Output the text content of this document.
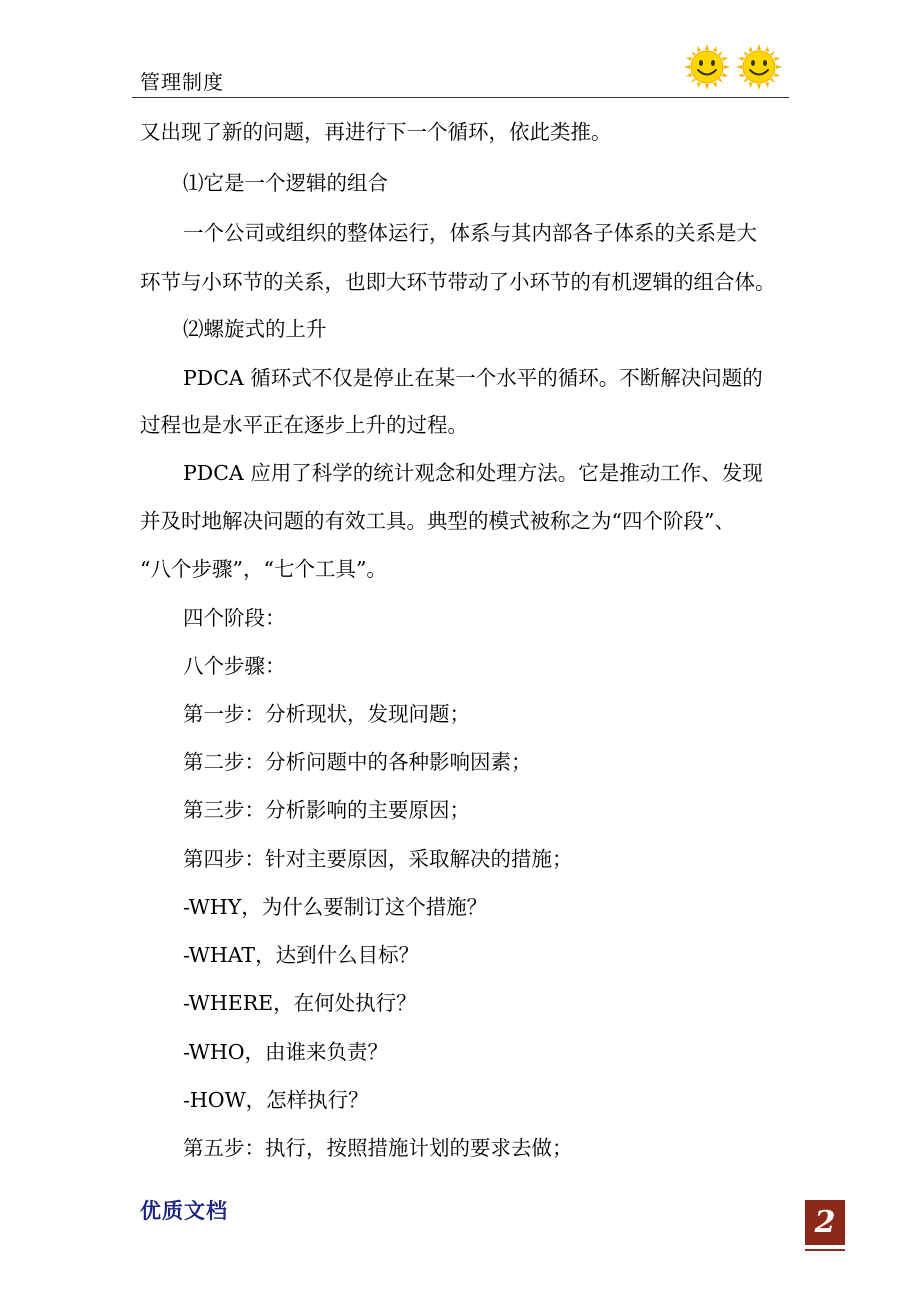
管理制度
又出现了新的问题，再进行下一个循环，依此类推。
⑴它是一个逻辑的组合
一个公司或组织的整体运行，体系与其内部各子体系的关系是大
环节与小环节的关系，也即大环节带动了小环节的有机逻辑的组合体。
⑵螺旋式的上升
PDCA 循环式不仅是停止在某一个水平的循环。不断解决问题的
过程也是水平正在逐步上升的过程。
PDCA 应用了科学的统计观念和处理方法。它是推动工作、发现
并及时地解决问题的有效工具。典型的模式被称之为“四个阶段”、
“八个步骤”，“七个工具”。
四个阶段：
八个步骤：
第一步：分析现状，发现问题；
第二步：分析问题中的各种影响因素；
第三步：分析影响的主要原因；
第四步：针对主要原因，采取解决的措施；
-WHY，为什么要制订这个措施？
-WHAT，达到什么目标？
-WHERE，在何处执行？
-WHO，由谁来负责？
-HOW，怎样执行？
第五步：执行，按照措施计划的要求去做；
优质文档	2
